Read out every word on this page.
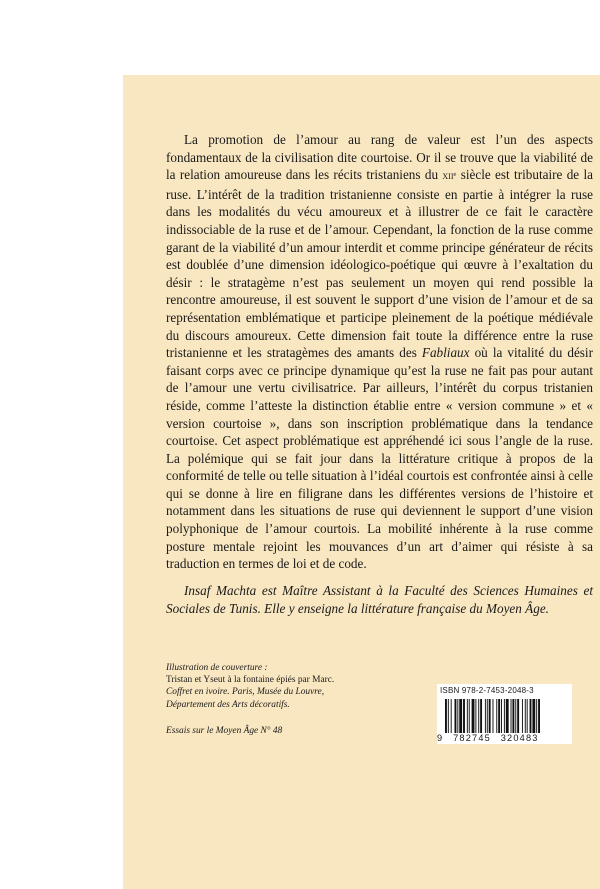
La promotion de l’amour au rang de valeur est l’un des aspects fondamentaux de la civilisation dite courtoise. Or il se trouve que la viabilité de la relation amoureuse dans les récits tristaniens du xiiᵉ siècle est tributaire de la ruse. L’intérêt de la tradition tristanienne consiste en partie à intégrer la ruse dans les modalités du vécu amoureux et à illustrer de ce fait le caractère indissociable de la ruse et de l’amour. Cependant, la fonction de la ruse comme garant de la viabilité d’un amour interdit et comme principe générateur de récits est doublée d’une dimension idéologico-poétique qui œuvre à l’exaltation du désir : le stratagème n’est pas seulement un moyen qui rend possible la rencontre amoureuse, il est souvent le support d’une vision de l’amour et de sa représentation emblématique et participe pleinement de la poétique médiévale du discours amoureux. Cette dimension fait toute la différence entre la ruse tristanienne et les stratagèmes des amants des Fabliaux où la vitalité du désir faisant corps avec ce principe dynamique qu’est la ruse ne fait pas pour autant de l’amour une vertu civilisatrice. Par ailleurs, l’intérêt du corpus tristanien réside, comme l’atteste la distinction établie entre « version commune » et « version courtoise », dans son inscription problématique dans la tendance courtoise. Cet aspect problématique est appréhendé ici sous l’angle de la ruse. La polémique qui se fait jour dans la littérature critique à propos de la conformité de telle ou telle situation à l’idéal courtois est confrontée ainsi à celle qui se donne à lire en filigrane dans les différentes versions de l’histoire et notamment dans les situations de ruse qui deviennent le support d’une vision polyphonique de l’amour courtois. La mobilité inhérente à la ruse comme posture mentale rejoint les mouvances d’un art d’aimer qui résiste à sa traduction en termes de loi et de code.

Insaf Machta est Maître Assistant à la Faculté des Sciences Humaines et Sociales de Tunis. Elle y enseigne la littérature française du Moyen Âge.
Illustration de couverture :
Tristan et Yseut à la fontaine épiés par Marc.
Coffret en ivoire. Paris, Musée du Louvre,
Département des Arts décoratifs.
Essais sur le Moyen Âge N° 48
ISBN 978-2-7453-2048-3
9 782745 320483
